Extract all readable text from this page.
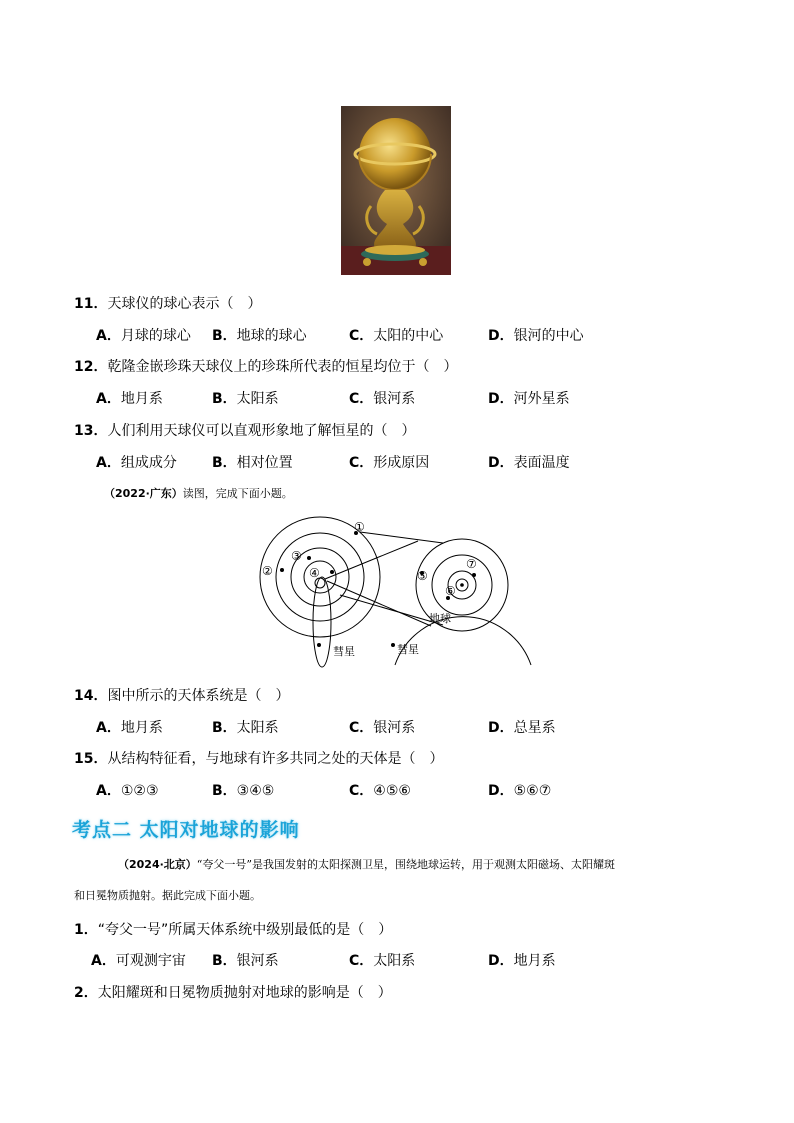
11．天球仪的球心表示（　）
A．月球的球心 B．地球的球心	C．太阳的中心	D．银河的中心
12．乾隆金嵌珍珠天球仪上的珍珠所代表的恒星均位于（　）
A．地月系	B．太阳系	C．银河系	D．河外星系
13．人们利用天球仪可以直观形象地了解恒星的（　）
A．组成成分	B．相对位置	C．形成原因	D．表面温度
（2022·广东）读图，完成下面小题。
①
②
③
④	⑤
⑥
⑦
地球
彗星	彗星
14．图中所示的天体系统是（　）
A．地月系	B．太阳系	C．银河系	D．总星系
15．从结构特征看，与地球有许多共同之处的天体是（　）
A．①②③	B．③④⑤	C．④⑤⑥	D．⑤⑥⑦
考点二 太阳对地球的影响
（2024·北京）“夸父一号”是我国发射的太阳探测卫星，围绕地球运转，用于观测太阳磁场、太阳耀斑
和日冕物质抛射。据此完成下面小题。
1．“夸父一号”所属天体系统中级别最低的是（　）
A．可观测宇宙 B．银河系	C．太阳系	D．地月系
2．太阳耀斑和日冕物质抛射对地球的影响是（　）
